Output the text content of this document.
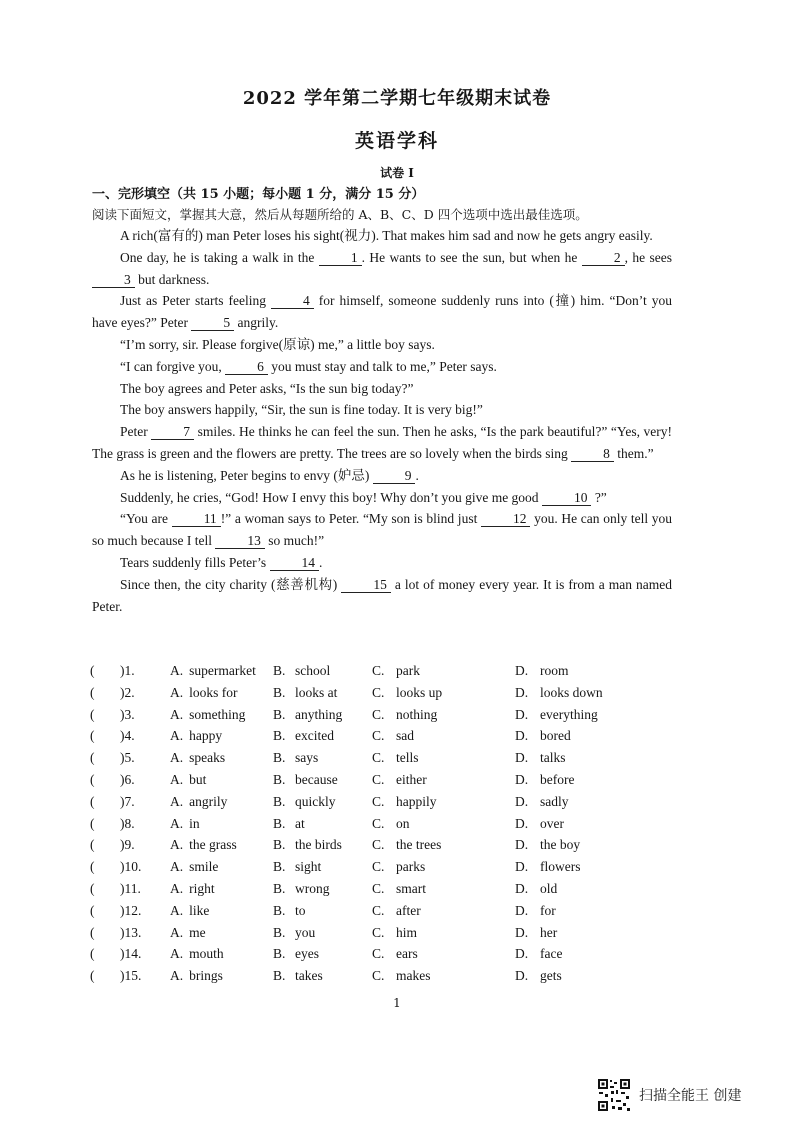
2022 学年第二学期七年级期末试卷
英语学科
试卷 I
一、完形填空（共 15 小题；每小题 1 分，满分 15 分）
阅读下面短文，掌握其大意，然后从每题所给的 A、B、C、D 四个选项中选出最佳选项。

A rich(富有的) man Peter loses his sight(视力). That makes him sad and now he gets angry easily.

One day, he is taking a walk in the 1 . He wants to see the sun, but when he 2 , he sees 3 but darkness.

Just as Peter starts feeling 4 for himself, someone suddenly runs into (撞) him. “Don’t you have eyes?” Peter 5 angrily.

“I’m sorry, sir. Please forgive(原谅) me,” a little boy says.

“I can forgive you, 6 you must stay and talk to me,” Peter says.

The boy agrees and Peter asks, “Is the sun big today?”

The boy answers happily, “Sir, the sun is fine today. It is very big!”

Peter 7 smiles. He thinks he can feel the sun. Then he asks, “Is the park beautiful?” “Yes, very! The grass is green and the flowers are pretty. The trees are so lovely when the birds sing 8 them.”

As he is listening, Peter begins to envy (妒忌) 9 .

Suddenly, he cries, “God! How I envy this boy! Why don’t you give me good 10 ?”

“You are 11 !” a woman says to Peter. “My son is blind just 12 you. He can only tell you so much because I tell 13 so much!”

Tears suddenly fills Peter’s 14 .

Since then, the city charity (慈善机构) 15 a lot of money every year. It is from a man named Peter.

( )1.	A. supermarket B. school	C. park	D. room
( )2.	A. looks for	B. looks at	C. looks up	D. looks down
( )3.	A. something B. anything C. nothing	D. everything
( )4.	A. happy	B. excited	C. sad	D. bored
( )5.	A. speaks	B. says	C. tells	D. talks
( )6.	A. but	B. because	C. either	D. before
( )7.	A. angrily	B. quickly	C. happily	D. sadly
( )8.	A. in	B. at	C. on	D. over
( )9.	A. the grass	B. the birds C. the trees	D. the boy
( )10. A. smile	B. sight	C. parks	D. flowers
( )11. A. right	B. wrong	C. smart	D. old
( )12. A. like	B. to	C. after	D. for
( )13. A. me	B. you	C. him	D. her
( )14. A. mouth	B. eyes	C. ears	D. face
( )15. A. brings	B. takes	C. makes	D. gets
1
扫描全能王 创建
